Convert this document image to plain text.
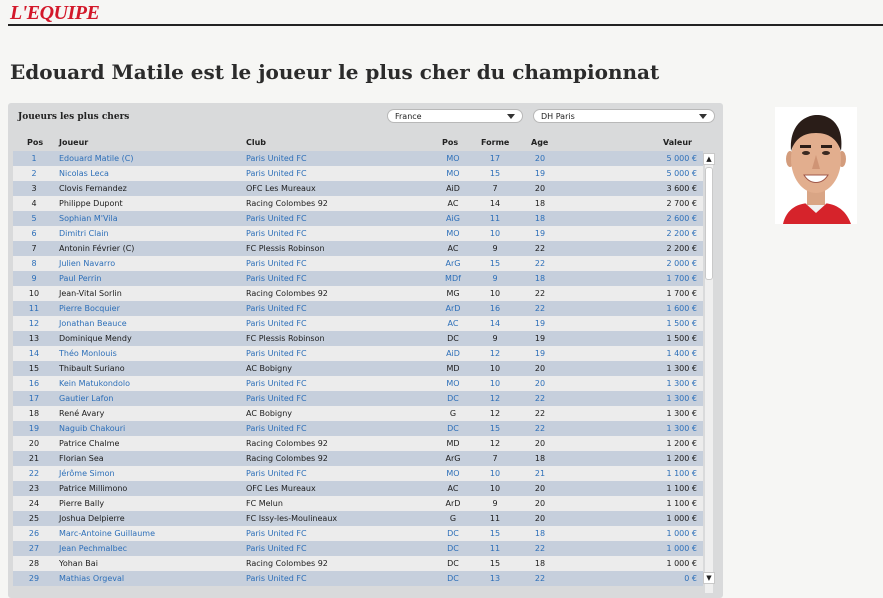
L'EQUIPE
Edouard Matile est le joueur le plus cher du championnat
Joueurs les plus chers	France	DH Paris
Pos Joueur	Club	Pos	Forme	Age	Valeur
1	Edouard Matile (C)	Paris United FC	MO	17	20	5 000 €
2	Nicolas Leca	Paris United FC	MO	15	19	5 000 €
3	Clovis Fernandez	OFC Les Mureaux	AiD	7	20	3 600 €
4	Philippe Dupont	Racing Colombes 92	AC	14	18	2 700 €
5	Sophian M'Vila	Paris United FC	AiG	11	18	2 600 €
6	Dimitri Clain	Paris United FC	MO	10	19	2 200 €
7	Antonin Février (C)	FC Plessis Robinson	AC	9	22	2 200 €
8	Julien Navarro	Paris United FC	ArG	15	22	2 000 €
9	Paul Perrin	Paris United FC	MDf	9	18	1 700 €
10 Jean-Vital Sorlin	Racing Colombes 92	MG	10	22	1 700 €
11 Pierre Bocquier	Paris United FC	ArD	16	22	1 600 €
12 Jonathan Beauce	Paris United FC	AC	14	19	1 500 €
13 Dominique Mendy	FC Plessis Robinson	DC	9	19	1 500 €
14 Théo Monlouis	Paris United FC	AiD	12	19	1 400 €
15 Thibault Suriano	AC Bobigny	MD	10	20	1 300 €
16 Kein Matukondolo	Paris United FC	MO	10	20	1 300 €
17 Gautier Lafon	Paris United FC	DC	12	22	1 300 €
18 René Avary	AC Bobigny	G	12	22	1 300 €
19 Naguib Chakouri	Paris United FC	DC	15	22	1 300 €
20 Patrice Chalme	Racing Colombes 92	MD	12	20	1 200 €
21 Florian Sea	Racing Colombes 92	ArG	7	18	1 200 €
22 Jérôme Simon	Paris United FC	MO	10	21	1 100 €
23 Patrice Millimono	OFC Les Mureaux	AC	10	20	1 100 €
24 Pierre Bally	FC Melun	ArD	9	20	1 100 €
25 Joshua Delpierre	FC Issy-les-Moulineaux	G	11	20	1 000 €
26 Marc-Antoine Guillaume	Paris United FC	DC	15	18	1 000 €
27 Jean Pechmalbec	Paris United FC	DC	11	22	1 000 €
28 Yohan Bai	Racing Colombes 92	DC	15	18	1 000 €
29 Mathias Orgeval	Paris United FC	DC	13	22	0 €
▲
▼
